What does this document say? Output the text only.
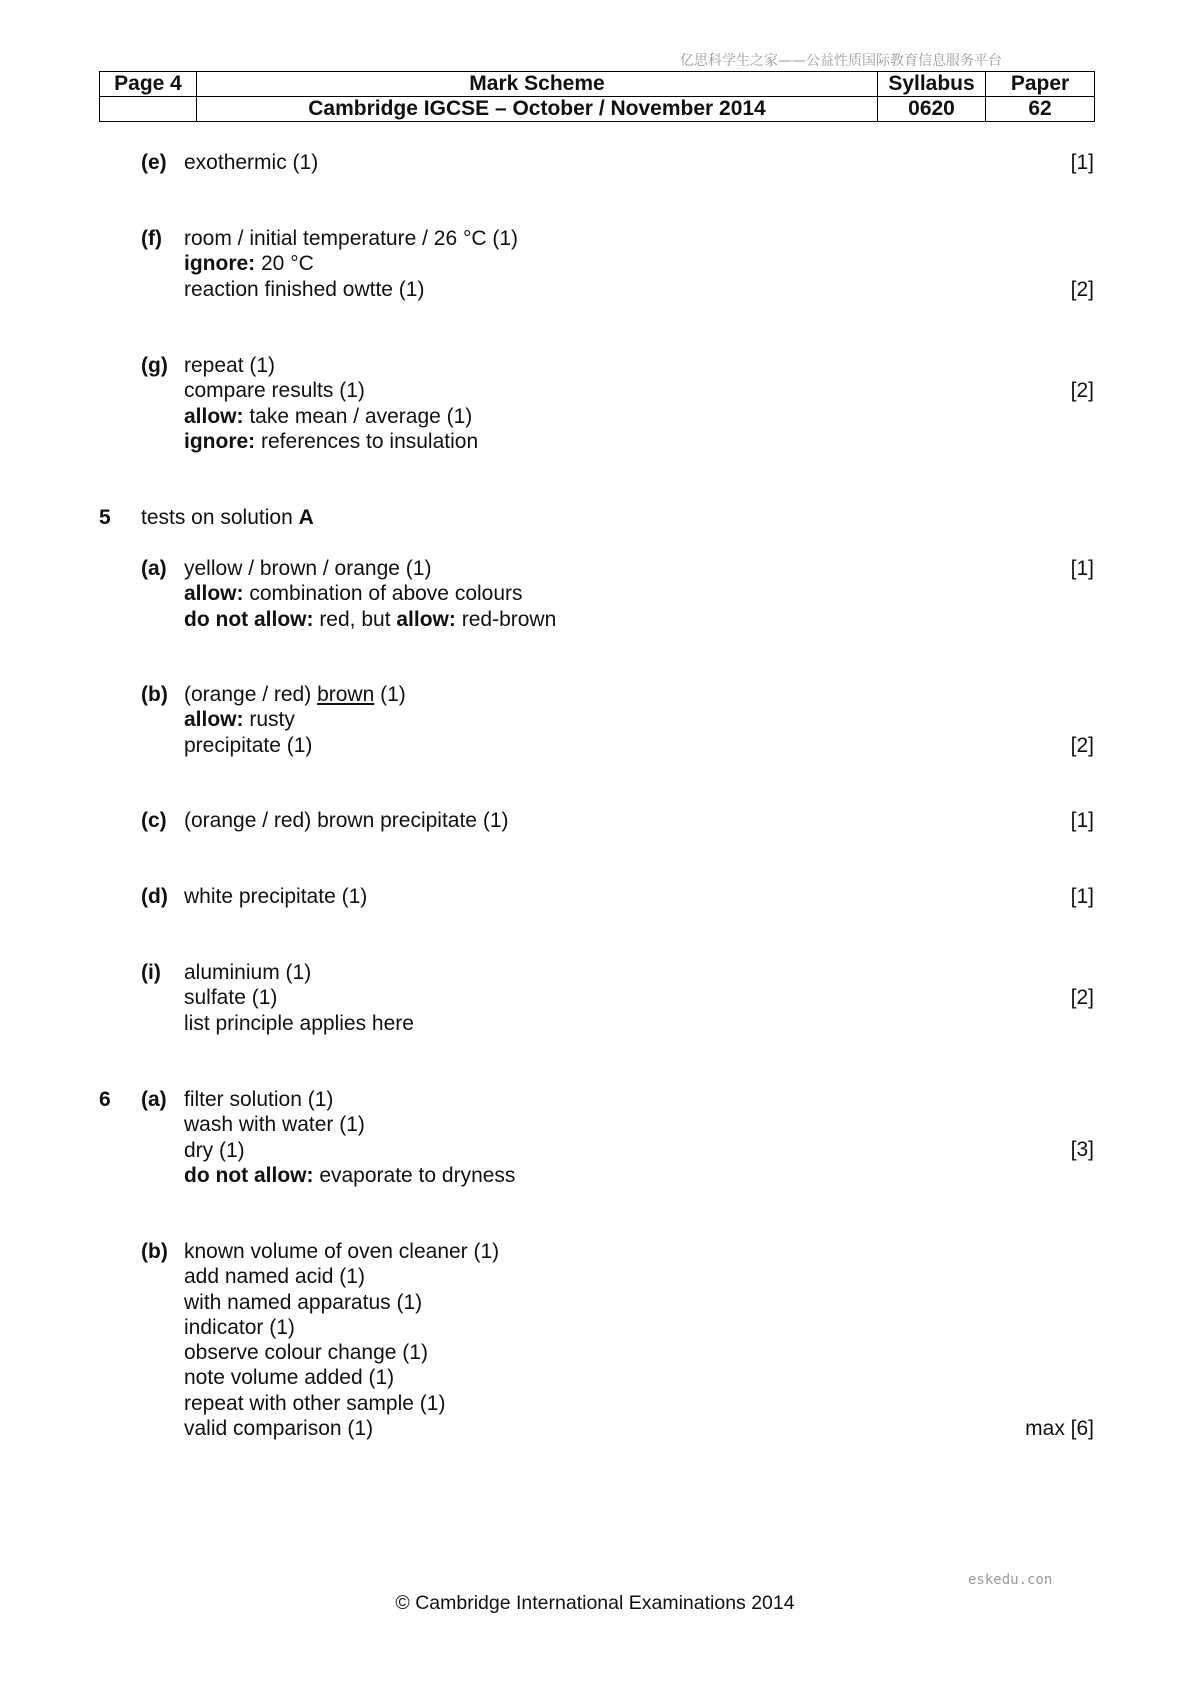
亿思科学生之家——公益性质国际教育信息服务平台
Page 4	Mark Scheme	Syllabus	Paper
	Cambridge IGCSE – October / November 2014	0620	62
(e) exothermic (1)	[1]
(f) room / initial temperature / 26 °C (1)
ignore: 20 °C
reaction finished owtte (1)	[2]
(g) repeat (1)
compare results (1)
allow: take mean / average (1)
ignore: references to insulation
[2]
5 tests on solution A
(a) yellow / brown / orange (1)
allow: combination of above colours
do not allow: red, but allow: red-brown
[1]
(b) (orange / red) brown (1)
allow: rusty
precipitate (1)	[2]
(c) (orange / red) brown precipitate (1)	[1]
(d) white precipitate (1)	[1]
(i) aluminium (1)
sulfate (1)
list principle applies here
[2]
6 (a) filter solution (1)
wash with water (1)
dry (1)
do not allow: evaporate to dryness
[3]
(b) known volume of oven cleaner (1)
add named acid (1)
with named apparatus (1)
indicator (1)
observe colour change (1)
note volume added (1)
repeat with other sample (1)
valid comparison (1)	max [6]
eskedu.con
© Cambridge International Examinations 2014
